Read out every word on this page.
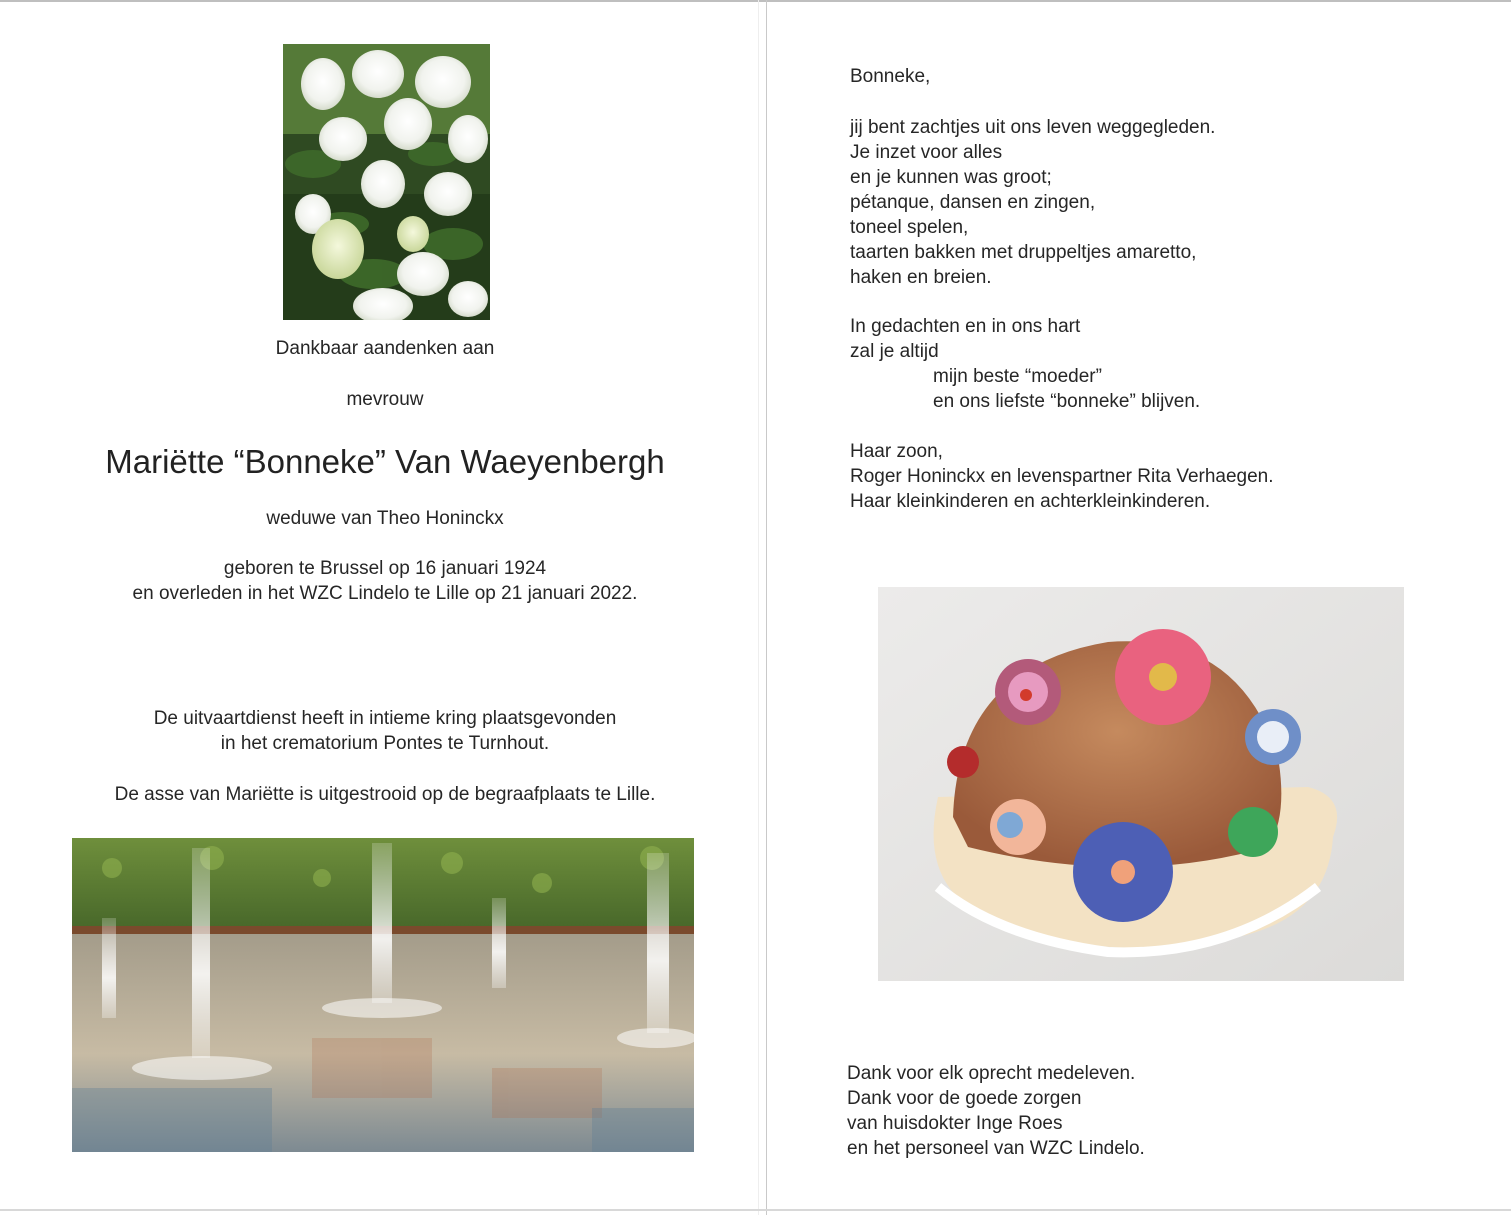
Dankbaar aandenken aan
mevrouw
Mariëtte “Bonneke” Van Waeyenbergh
weduwe van Theo Honinckx
geboren te Brussel op 16 januari 1924
en overleden in het WZC Lindelo te Lille op 21 januari 2022.
De uitvaartdienst heeft in intieme kring plaatsgevonden
in het crematorium Pontes te Turnhout.
De asse van Mariëtte is uitgestrooid op de begraafplaats te Lille.
Bonneke,
jij bent zachtjes uit ons leven weggegleden.
Je inzet voor alles
en je kunnen was groot;
pétanque, dansen en zingen,
toneel spelen,
taarten bakken met druppeltjes amaretto,
haken en breien.
In gedachten en in ons hart
zal je altijd
mijn beste “moeder”
en ons liefste “bonneke” blijven.
Haar zoon,
Roger Honinckx en levenspartner Rita Verhaegen.
Haar kleinkinderen en achterkleinkinderen.
Dank voor elk oprecht medeleven.
Dank voor de goede zorgen
van huisdokter Inge Roes
en het personeel van WZC Lindelo.
